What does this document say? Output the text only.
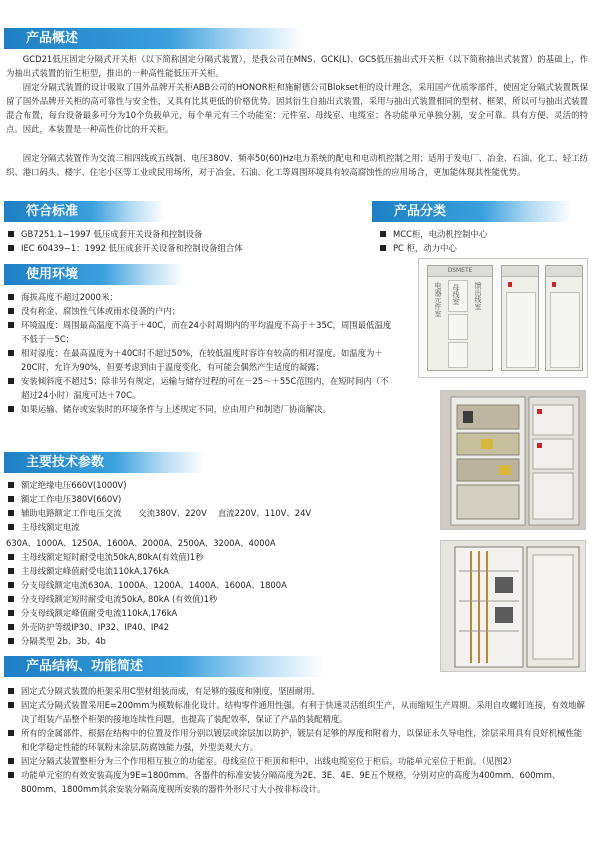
产品概述

GCD21低压固定分隔式开关柜（以下简称固定分隔式装置），是我公司在MNS、GCK(L)、GCS低压抽出式开关柜（以下简称抽出式装置）的基础上，作为抽出式装置的衍生柜型，推出的一种高性能低压开关柜。

固定分隔式装置的设计吸取了国外品牌开关柜ABB公司的HONOR柜和施耐德公司Blokset柜的设计理念，采用国产优质零部件，使固定分隔式装置既保留了国外品牌开关柜的高可靠性与安全性，又具有比其更低的价格优势。因其衍生自抽出式装置，采用与抽出式装置相同的型材、框架，所以可与抽出式装置混合布置，每台设备最多可分为10个负载单元，每个单元有三个功能室：元件室、母线室、电缆室；各功能单元单独分割，安全可靠。具有方便、灵活的特点。因此，本装置是一种高性价比的开关柜。

固定分隔式装置作为交流三相四线或五线制、电压380V、频率50(60)Hz电力系统的配电和电动机控制之用；适用于发电厂、冶金、石油、化工、轻工纺织、港口码头、楼宇、住宅小区等工业或民用场所，对于冶金、石油、化工等周围环境具有较高腐蚀性的应用场合，更加能体现其性能优势。

符合标准
GB7251.1−1997 低压成套开关设备和控制设备
IEC 60439−1：1992 低压成套开关设备和控制设备组合体
产品分类
MCC柜，电动机控制中心
PC 柜，动力中心
使用环境
海拔高度不超过2000米；
没有称金、腐蚀性气体或雨水侵袭的户内；
环境温度：周围最高温度不高于＋40C，而在24小时周期内的平均温度不高于＋35C，周围最低温度不低于－5C；
相对湿度：在最高温度为＋40C时不超过50%，在较低温度时容许有较高的相对湿度。如温度为＋20C时，允许为90%，但要考虑到由于温度变化，有可能会偶然产生适度的凝露；
安装倾斜度不超过5；除非另有规定，运输与储存过程的可在－25～＋55C范围内，在短时间内（不超过24小时）温度可达＋70C。
如果运输、储存或安装时的环境条件与上述规定不同，应由用户和制造厂协商解决。
主要技术参数
额定绝缘电压660V(1000V)
额定工作电压380V(660V)
辅助电路额定工作电压交流　　交流380V、220V　 直流220V、110V、24V
主母线额定电流
630A、1000A、1250A、1600A、2000A、2500A、3200A、4000A
主母线额定短时耐受电流50kA,80kA(有效值)1秒
主母线额定峰值耐受电流110kA,176kA
分支母线额定电流630A、1000A、1200A、1400A、1600A、1800A
分支母线额定短时耐受电流50kA, 80kA (有效值)1秒
分支母线额定峰值耐受电流110kA,176kA
外壳防护等级IP30、IP32、IP40、IP42
分隔类型 2b、3b、4b
产品结构、功能简述
固定式分隔式装置的柜架采用C型材组装而成，有足够的强度和刚度，坚固耐用。
固定式分隔式装置采用E=200mm为模数标准化设计。结构零件通用性强，有利于快速灵活组织生产，从而缩短生产周期。采用自攻螺钉连接，有效地解决了组装产品整个柜架的接地连续性问题，也提高了装配效率，保证了产品的装配精度。
所有的金属部件，根据在结构中的位置及作用分别以镀层或涂层加以防护，镀层有足够的厚度和附着力，以保证永久导电性，涂层采用具有良好机械性能和化学稳定性能的环氧粉末涂层,防腐蚀能力强，外型美观大方。
固定分隔式装置整柜分为三个作用相互独立的功能室。母线室位于柜顶和柜中，出线电缆室位于柜后，功能单元室位于柜前。（见图2）
功能单元室的有效安装高度为9E=1800mm。各器件的标准安装分隔高度为2E、3E、4E、9E五个规格，分别对应的高度为400mm、600mm、800mm、1800mm其余安装分隔高度视所安装的器件外形尺寸大小按非标设计。
DSMETE
电器元件室 母线室 馈出线室
